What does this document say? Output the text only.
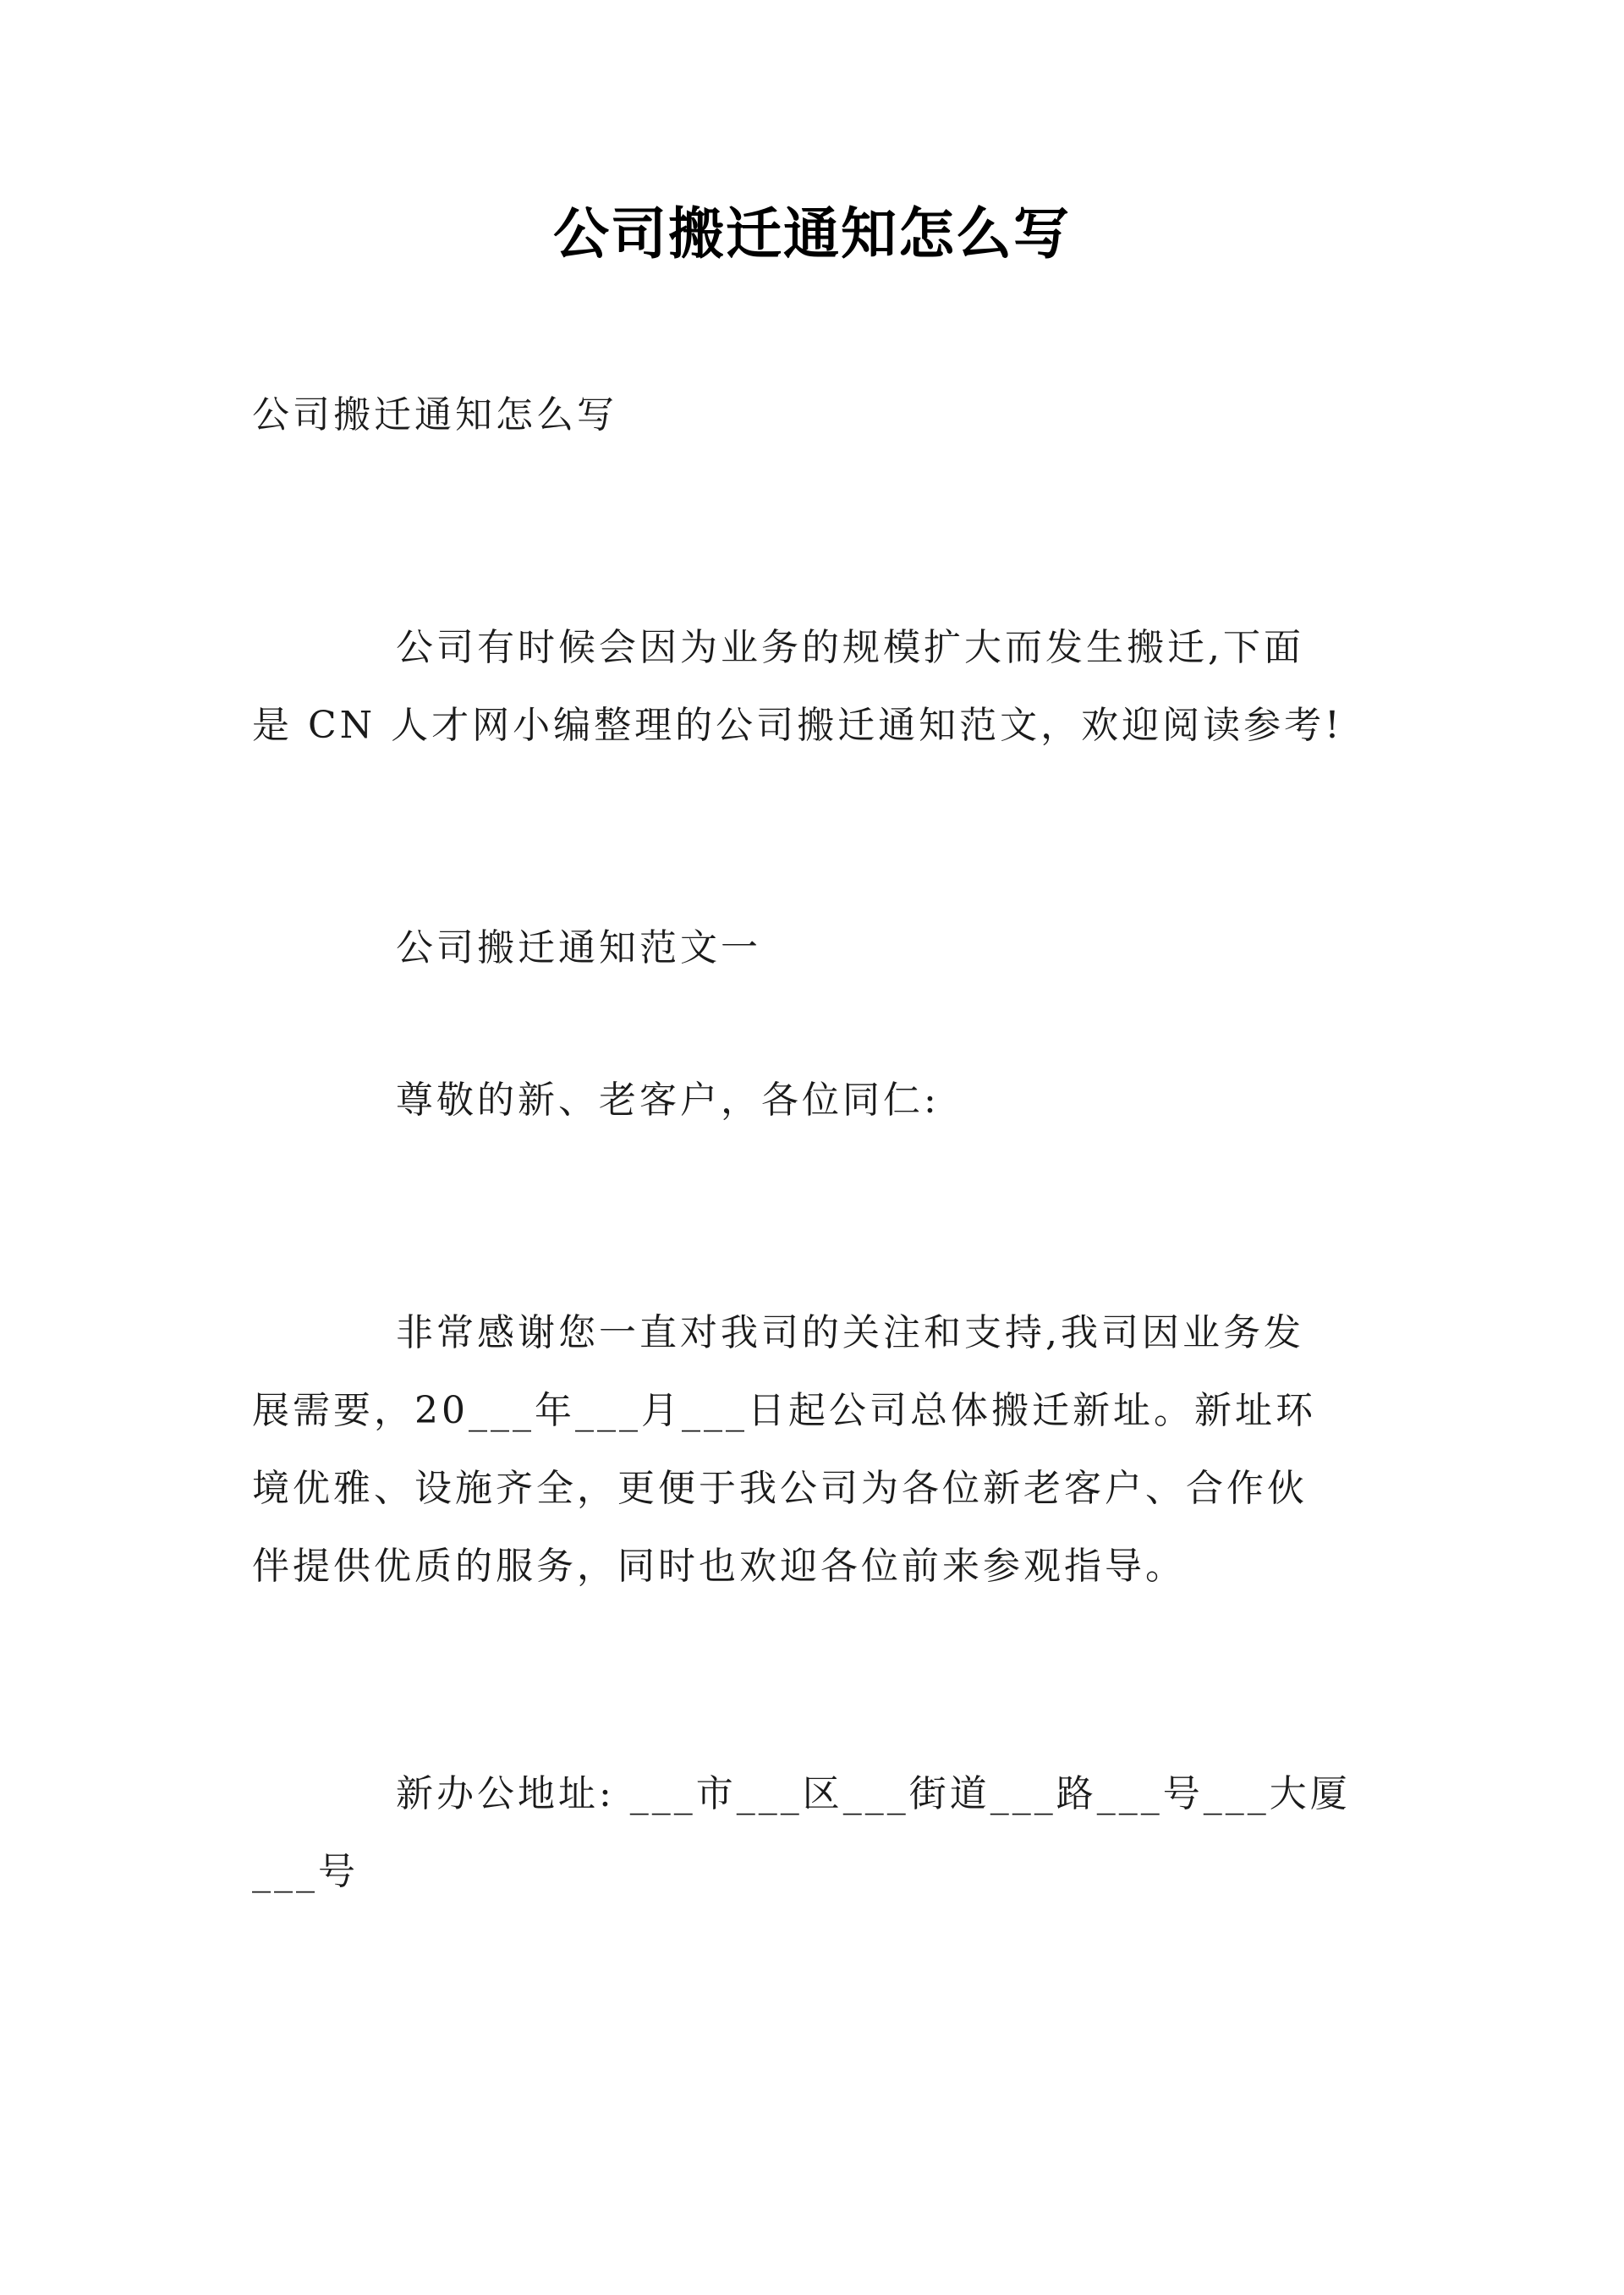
公司搬迁通知怎么写
公司搬迁通知怎么写
公司有时候会因为业务的规模扩大而发生搬迁,下面
是 CN 人才网小编整理的公司搬迁通知范文，欢迎阅读参考!
公司搬迁通知范文一
尊敬的新、老客户，各位同仁:
非常感谢您一直对我司的关注和支持,我司因业务发
展需要，20___年___月___日起公司总体搬迁新址。新址环
境优雅、设施齐全，更便于我公司为各位新老客户、合作伙
伴提供优质的服务，同时也欢迎各位前来参观指导。
新办公地址: ___市___区___街道___路___号___大厦
___号
